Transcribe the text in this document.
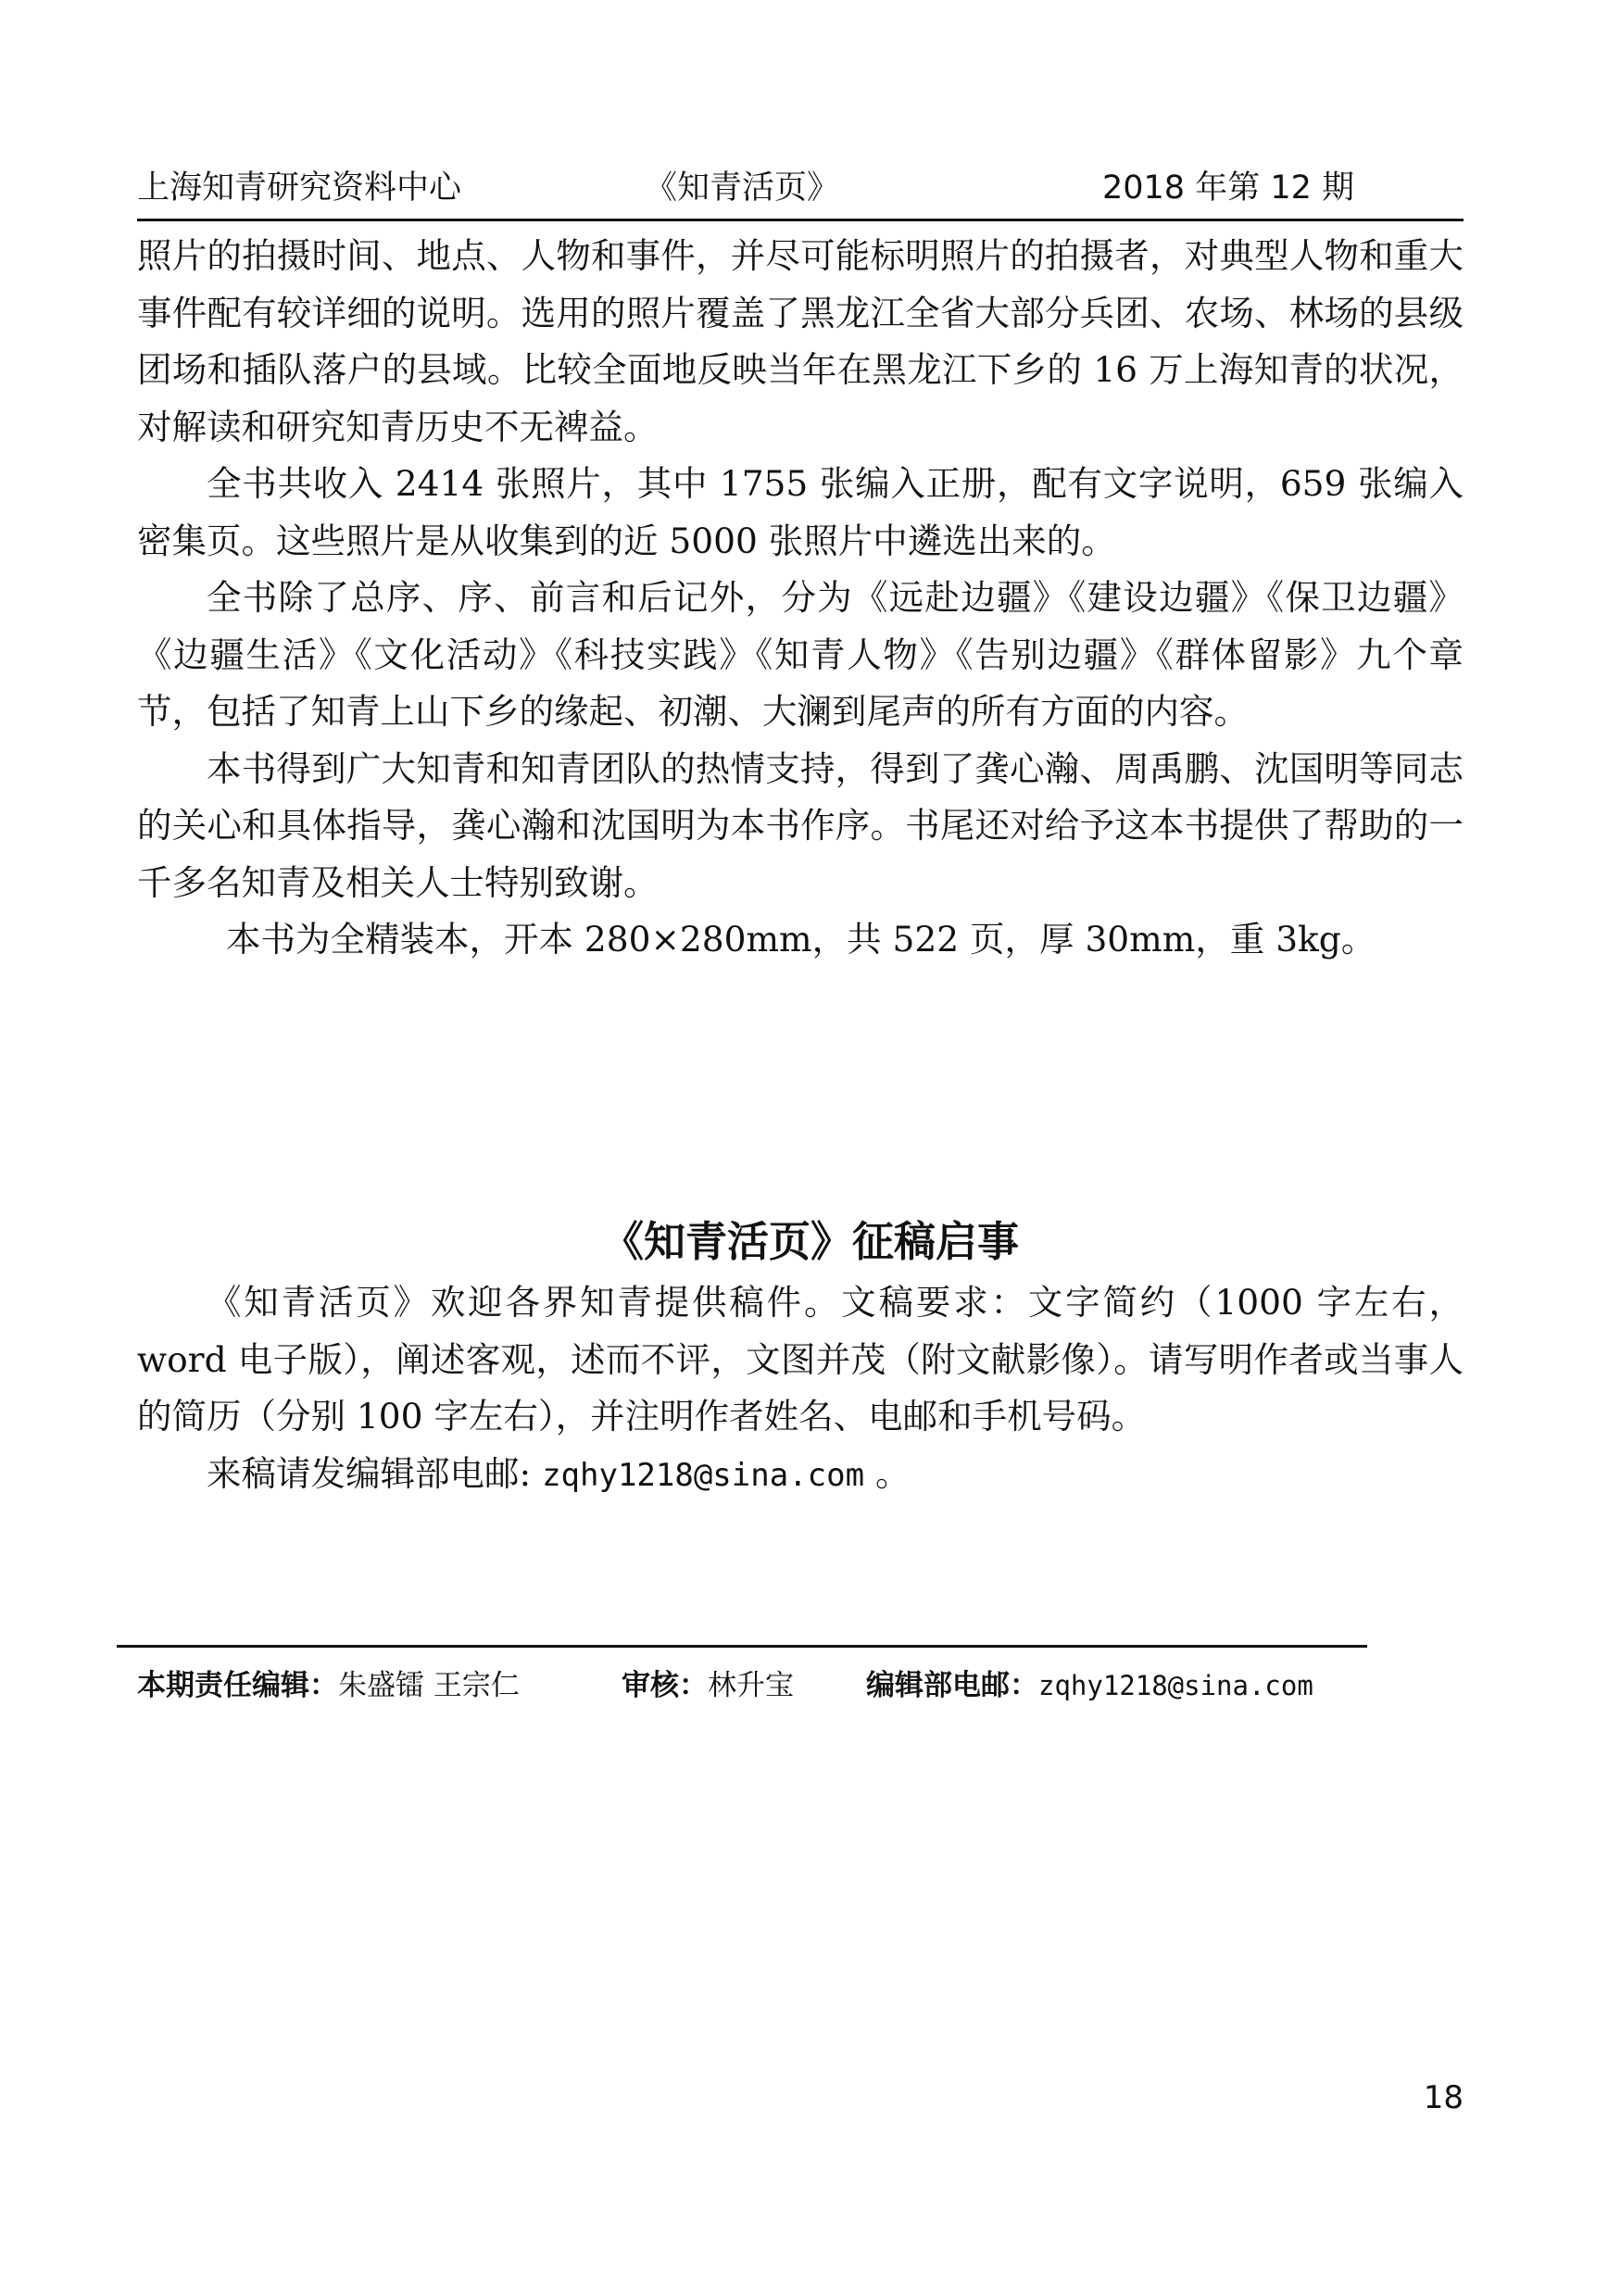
上海知青研究资料中心	《知青活页》	2018 年第 12 期

照片的拍摄时间、地点、人物和事件，并尽可能标明照片的拍摄者，对典型人物和重大事件配有较详细的说明。选用的照片覆盖了黑龙江全省大部分兵团、农场、林场的县级团场和插队落户的县域。比较全面地反映当年在黑龙江下乡的 16 万上海知青的状况，对解读和研究知青历史不无裨益。

全书共收入 2414 张照片，其中 1755 张编入正册，配有文字说明，659 张编入密集页。这些照片是从收集到的近 5000 张照片中遴选出来的。

全书除了总序、序、前言和后记外，分为《远赴边疆》《建设边疆》《保卫边疆》《边疆生活》《文化活动》《科技实践》《知青人物》《告别边疆》《群体留影》九个章节，包括了知青上山下乡的缘起、初潮、大澜到尾声的所有方面的内容。

本书得到广大知青和知青团队的热情支持，得到了龚心瀚、周禹鹏、沈国明等同志的关心和具体指导，龚心瀚和沈国明为本书作序。书尾还对给予这本书提供了帮助的一千多名知青及相关人士特别致谢。

本书为全精装本，开本 280×280mm，共 522 页，厚 30mm，重 3kg。

《知青活页》征稿启事

《知青活页》欢迎各界知青提供稿件。文稿要求：文字简约（1000 字左右，word 电子版），阐述客观，述而不评，文图并茂（附文献影像）。请写明作者或当事人的简历（分别 100 字左右），并注明作者姓名、电邮和手机号码。

来稿请发编辑部电邮: zqhy1218@sina.com 。

本期责任编辑：朱盛镭 王宗仁	审核：林升宝	编辑部电邮：zqhy1218@sina.com
18
